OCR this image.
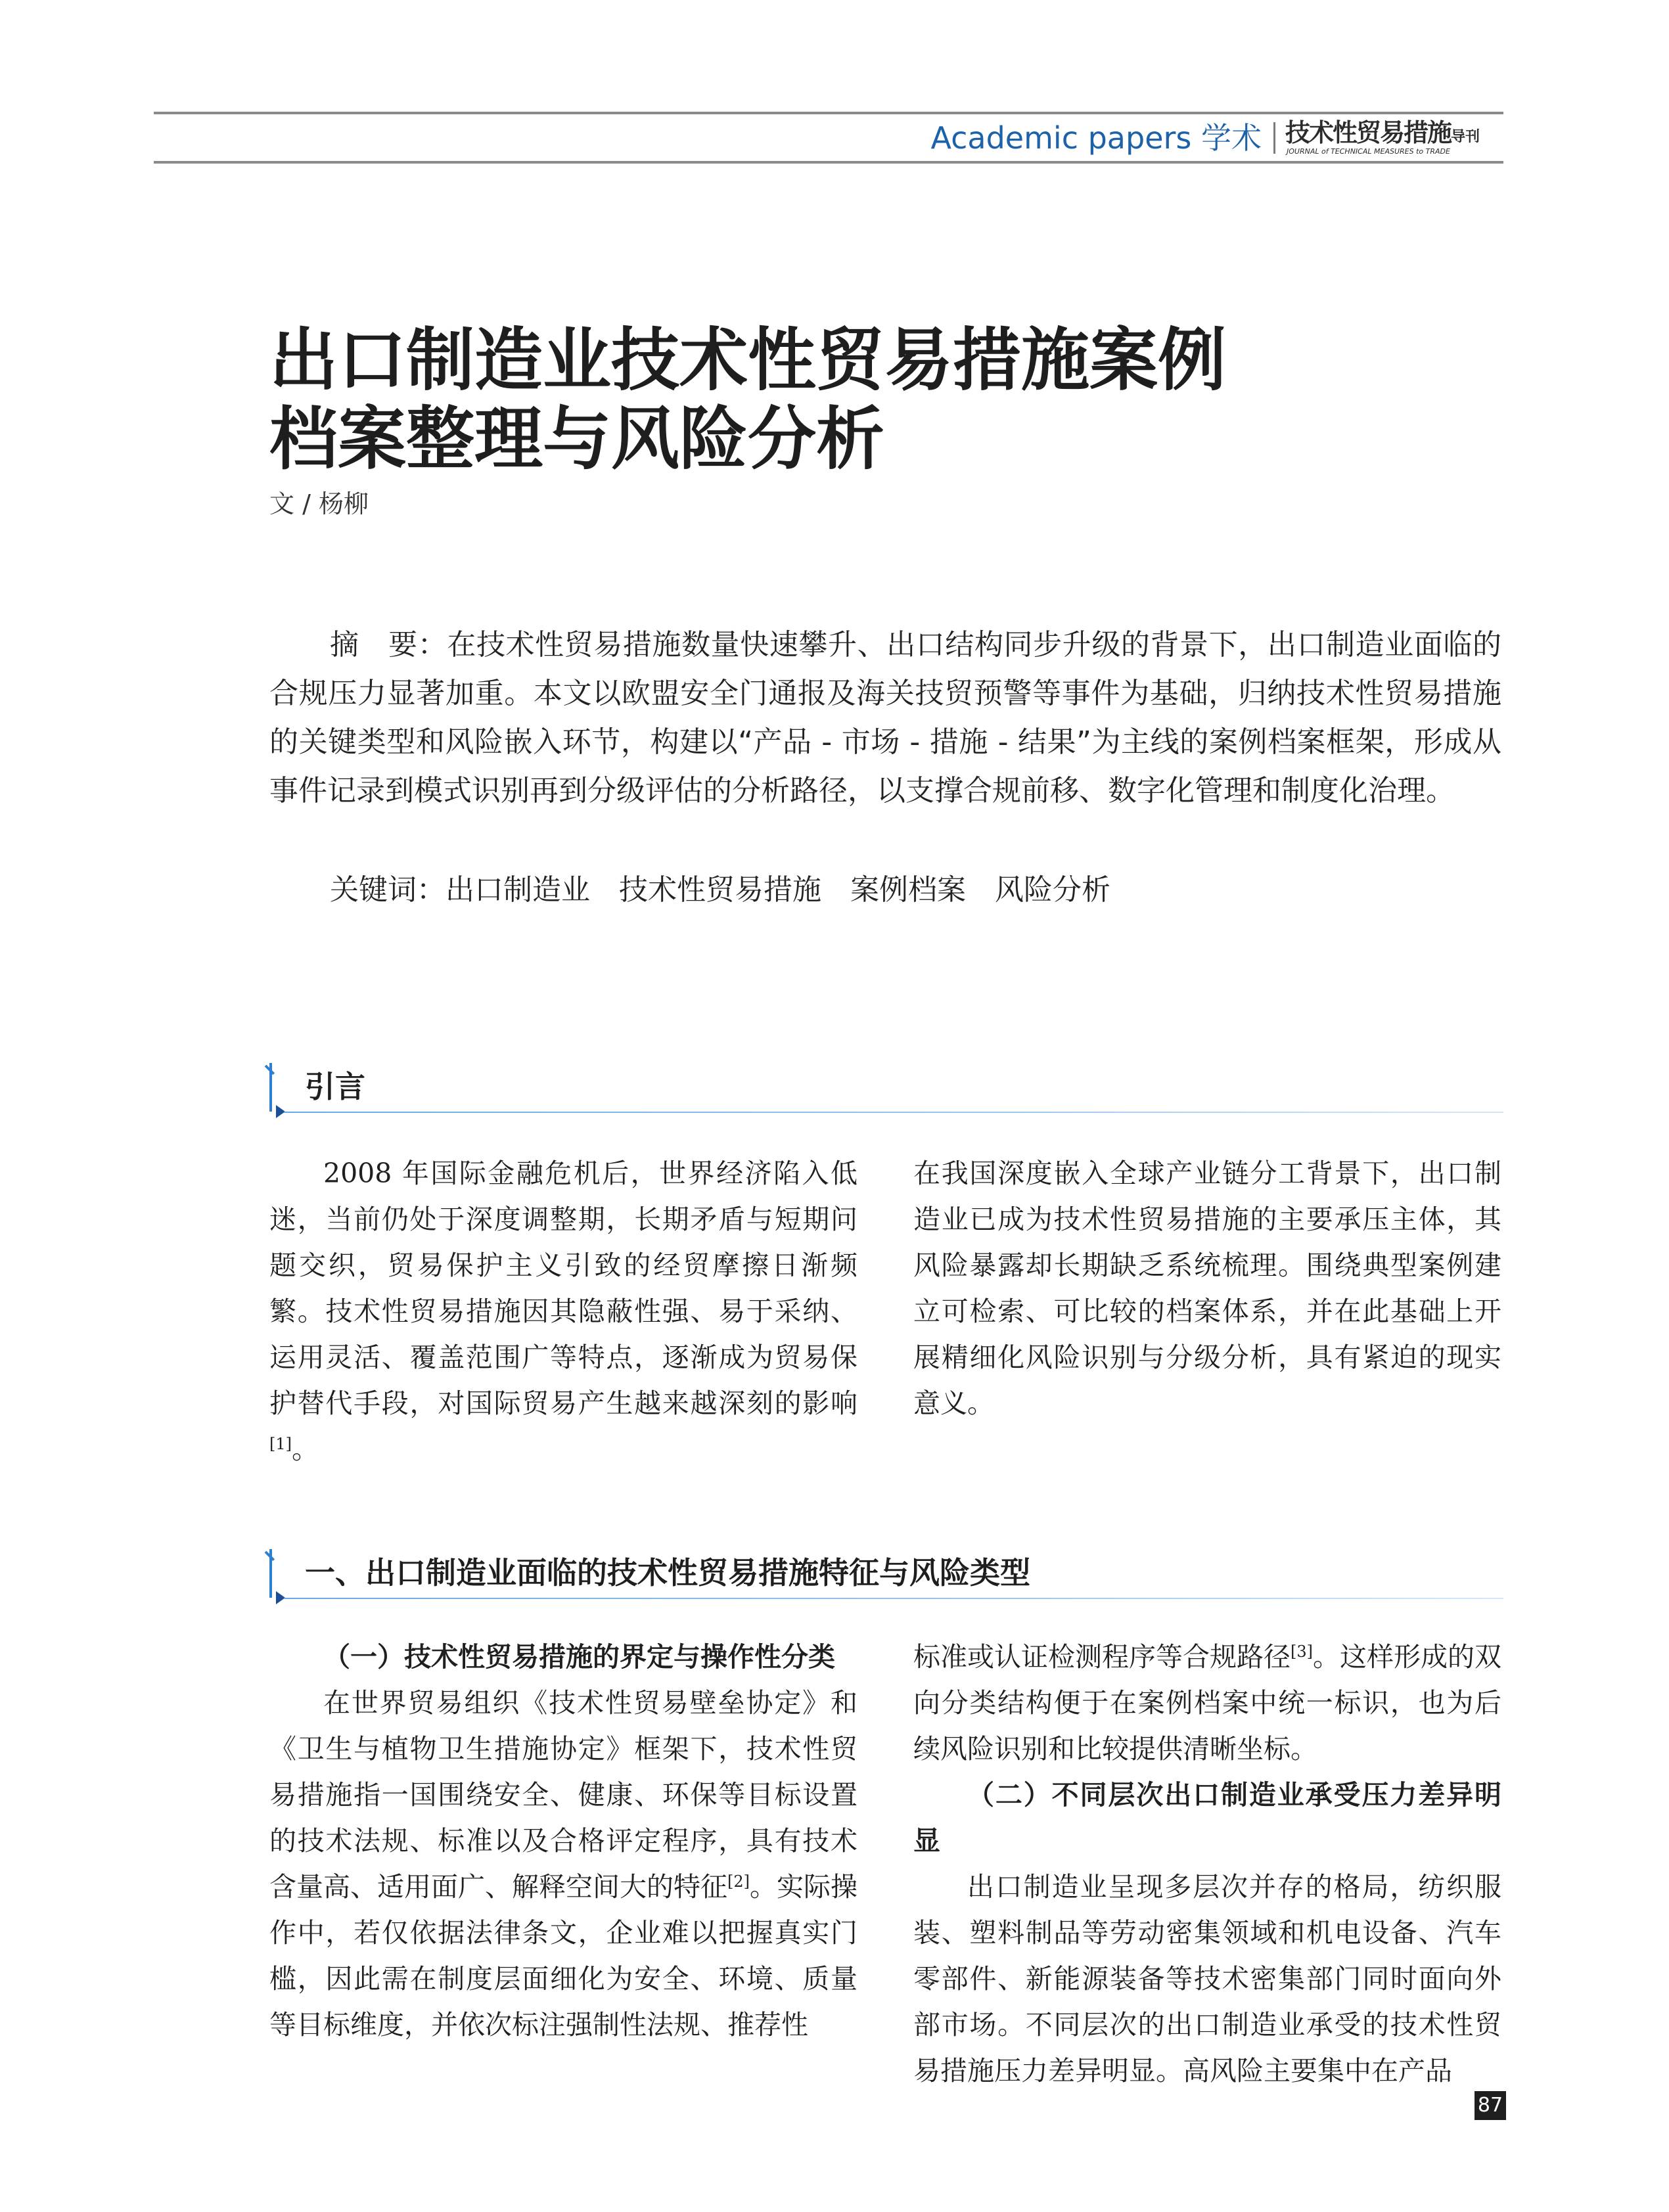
Academic papers 学术 技术性贸易措施导刊
JOURNAL of TECHNICAL MEASURES to TRADE
出口制造业技术性贸易措施案例
档案整理与风险分析
文 / 杨柳

摘　要：在技术性贸易措施数量快速攀升、出口结构同步升级的背景下，出口制造业面临的合规压力显著加重。本文以欧盟安全门通报及海关技贸预警等事件为基础，归纳技术性贸易措施的关键类型和风险嵌入环节，构建以“产品 - 市场 - 措施 - 结果”为主线的案例档案框架，形成从事件记录到模式识别再到分级评估的分析路径，以支撑合规前移、数字化管理和制度化治理。

关键词：出口制造业　技术性贸易措施　案例档案　风险分析

引言

2008 年国际金融危机后，世界经济陷入低迷，当前仍处于深度调整期，长期矛盾与短期问题交织，贸易保护主义引致的经贸摩擦日渐频繁。技术性贸易措施因其隐蔽性强、易于采纳、运用灵活、覆盖范围广等特点，逐渐成为贸易保护替代手段，对国际贸易产生越来越深刻的影响[1]。

在我国深度嵌入全球产业链分工背景下，出口制造业已成为技术性贸易措施的主要承压主体，其风险暴露却长期缺乏系统梳理。围绕典型案例建立可检索、可比较的档案体系，并在此基础上开展精细化风险识别与分级分析，具有紧迫的现实意义。

一、出口制造业面临的技术性贸易措施特征与风险类型

（一）技术性贸易措施的界定与操作性分类

在世界贸易组织《技术性贸易壁垒协定》和《卫生与植物卫生措施协定》框架下，技术性贸易措施指一国围绕安全、健康、环保等目标设置的技术法规、标准以及合格评定程序，具有技术含量高、适用面广、解释空间大的特征[2]。实际操作中，若仅依据法律条文，企业难以把握真实门槛，因此需在制度层面细化为安全、环境、质量等目标维度，并依次标注强制性法规、推荐性

标准或认证检测程序等合规路径[3]。这样形成的双向分类结构便于在案例档案中统一标识，也为后续风险识别和比较提供清晰坐标。

（二）不同层次出口制造业承受压力差异明显

出口制造业呈现多层次并存的格局，纺织服装、塑料制品等劳动密集领域和机电设备、汽车零部件、新能源装备等技术密集部门同时面向外部市场。不同层次的出口制造业承受的技术性贸易措施压力差异明显。高风险主要集中在产品

87
